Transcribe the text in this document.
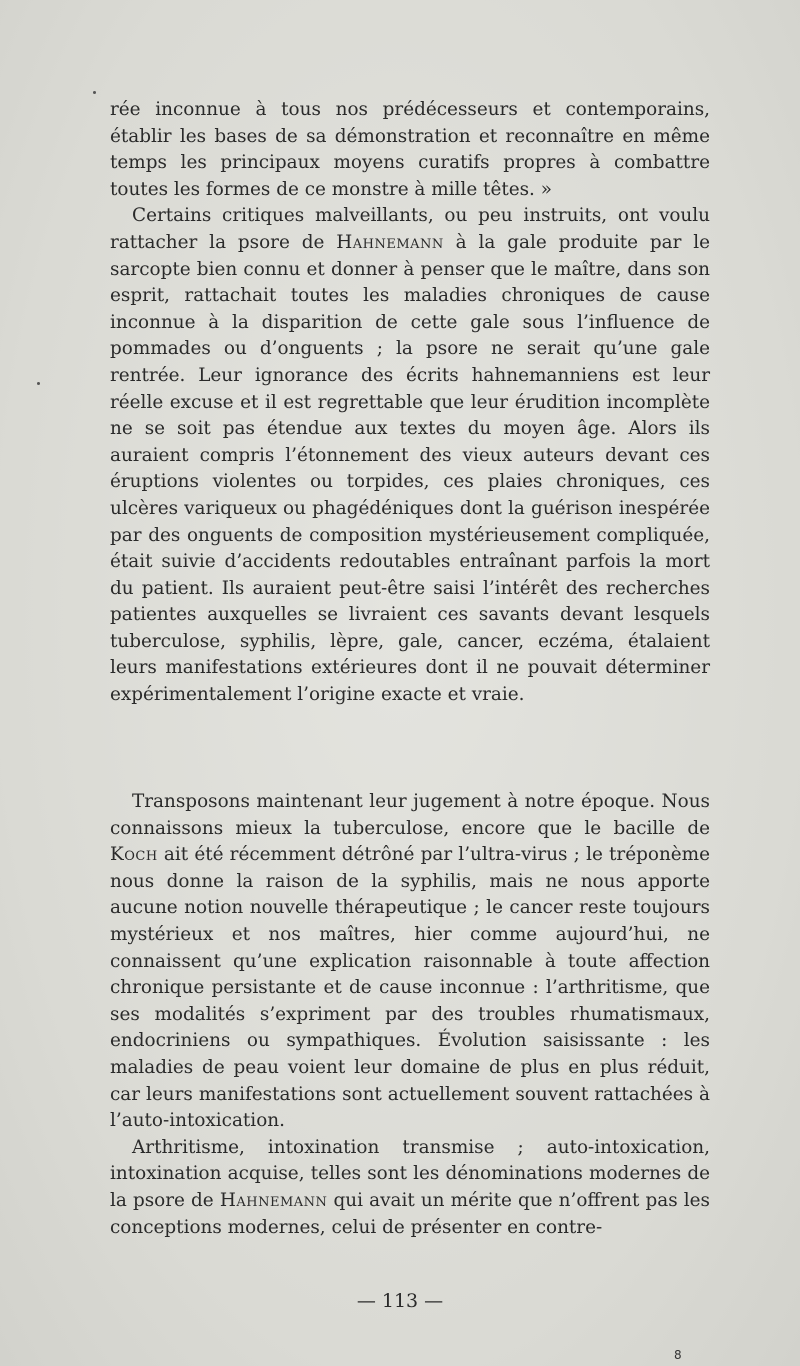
rée inconnue à tous nos prédécesseurs et contemporains, établir les bases de sa démonstration et reconnaître en même temps les principaux moyens curatifs propres à combattre toutes les formes de ce monstre à mille têtes. »

Certains critiques malveillants, ou peu instruits, ont voulu rattacher la psore de Hahnemann à la gale produite par le sarcopte bien connu et donner à penser que le maître, dans son esprit, rattachait toutes les maladies chroniques de cause inconnue à la disparition de cette gale sous l’influence de pommades ou d’onguents ; la psore ne serait qu’une gale rentrée. Leur ignorance des écrits hahnemanniens est leur réelle excuse et il est regrettable que leur érudition incomplète ne se soit pas étendue aux textes du moyen âge. Alors ils auraient compris l’étonnement des vieux auteurs devant ces éruptions violentes ou torpides, ces plaies chroniques, ces ulcères variqueux ou phagédéniques dont la guérison inespérée par des onguents de composition mystérieusement compliquée, était suivie d’accidents redoutables entraînant parfois la mort du patient. Ils auraient peut-être saisi l’intérêt des recherches patientes auxquelles se livraient ces savants devant lesquels tuberculose, syphilis, lèpre, gale, cancer, eczéma, étalaient leurs manifestations extérieures dont il ne pouvait déterminer expérimentalement l’origine exacte et vraie.

Transposons maintenant leur jugement à notre époque. Nous connaissons mieux la tuberculose, encore que le bacille de Koch ait été récemment détrôné par l’ultra-virus ; le tréponème nous donne la raison de la syphilis, mais ne nous apporte aucune notion nouvelle thérapeutique ; le cancer reste toujours mystérieux et nos maîtres, hier comme aujourd’hui, ne connaissent qu’une explication raisonnable à toute affection chronique persistante et de cause inconnue : l’arthritisme, que ses modalités s’expriment par des troubles rhumatismaux, endocriniens ou sympathiques. Évolution saisissante : les maladies de peau voient leur domaine de plus en plus réduit, car leurs manifestations sont actuellement souvent rattachées à l’auto-intoxication.

Arthritisme, intoxination transmise ; auto-intoxication, intoxination acquise, telles sont les dénominations modernes de la psore de Hahnemann qui avait un mérite que n’offrent pas les conceptions modernes, celui de présenter en contre-

— 113 —
8
